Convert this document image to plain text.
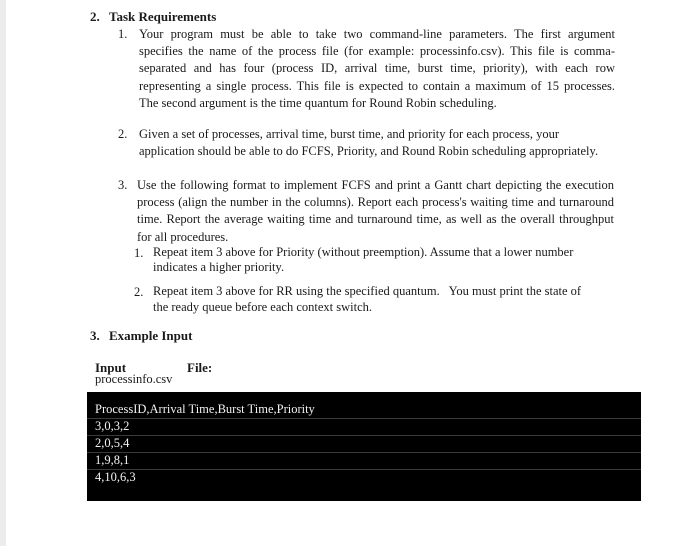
2. Task Requirements
1. Your program must be able to take two command-line parameters. The first argument
specifies the name of the process file (for example: processinfo.csv). This file is comma-
separated and has four (process ID, arrival time, burst time, priority), with each row
representing a single process. This file is expected to contain a maximum of 15 processes.
The second argument is the time quantum for Round Robin scheduling.
2. Given a set of processes, arrival time, burst time, and priority for each process, your
application should be able to do FCFS, Priority, and Round Robin scheduling appropriately.
3. Use the following format to implement FCFS and print a Gantt chart depicting the execution
process (align the number in the columns). Report each process's waiting time and turnaround
time. Report the average waiting time and turnaround time, as well as the overall throughput
for all procedures.
1. Repeat item 3 above for Priority (without preemption). Assume that a lower number
indicates a higher priority.
2. Repeat item 3 above for RR using the specified quantum.   You must print the state of
the ready queue before each context switch.
3. Example Input
Input	File:
processinfo.csv
ProcessID,Arrival Time,Burst Time,Priority
3,0,3,2
2,0,5,4
1,9,8,1
4,10,6,3
